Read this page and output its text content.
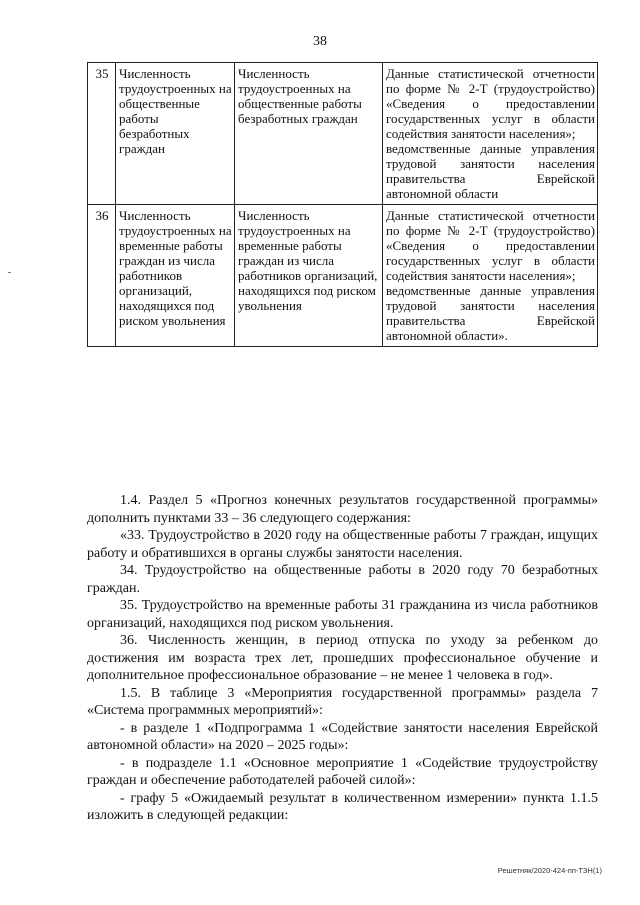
38
35	Численность трудоустроенных на общественные работы безработных граждан	Численность трудоустроенных на общественные работы безработных граждан	Данные статистической отчетности по форме № 2-Т (трудоустройство) «Сведения о предоставлении государственных услуг в области содействия занятости населения»;
ведомственные данные управления трудовой занятости населения правительства Еврейской автономной области

36	Численность трудоустроенных на временные работы граждан из числа работников организаций, находящихся под риском увольнения	Численность трудоустроенных на временные работы граждан из числа работников организаций, находящихся под риском увольнения	Данные статистической отчетности по форме № 2-Т (трудоустройство) «Сведения о предоставлении государственных услуг в области содействия занятости населения»;
ведомственные данные управления трудовой занятости населения правительства Еврейской автономной области».

1.4. Раздел 5 «Прогноз конечных результатов государственной программы» дополнить пунктами 33 – 36 следующего содержания:

«33. Трудоустройство в 2020 году на общественные работы 7 граждан, ищущих работу и обратившихся в органы службы занятости населения.

34. Трудоустройство на общественные работы в 2020 году 70 безработных граждан.

35. Трудоустройство на временные работы 31 гражданина из числа работников организаций, находящихся под риском увольнения.

36. Численность женщин, в период отпуска по уходу за ребенком до достижения им возраста трех лет, прошедших профессиональное обучение и дополнительное профессиональное образование – не менее 1 человека в год».

1.5. В таблице 3 «Мероприятия государственной программы» раздела 7 «Система программных мероприятий»:

- в разделе 1 «Подпрограмма 1 «Содействие занятости населения Еврейской автономной области» на 2020 – 2025 годы»:

- в подразделе 1.1 «Основное мероприятие 1 «Содействие трудоустройству граждан и обеспечение работодателей рабочей силой»:

- графу 5 «Ожидаемый результат в количественном измерении» пункта 1.1.5 изложить в следующей редакции:

Решетняк/2020-424-пп-ТЗН(1)
